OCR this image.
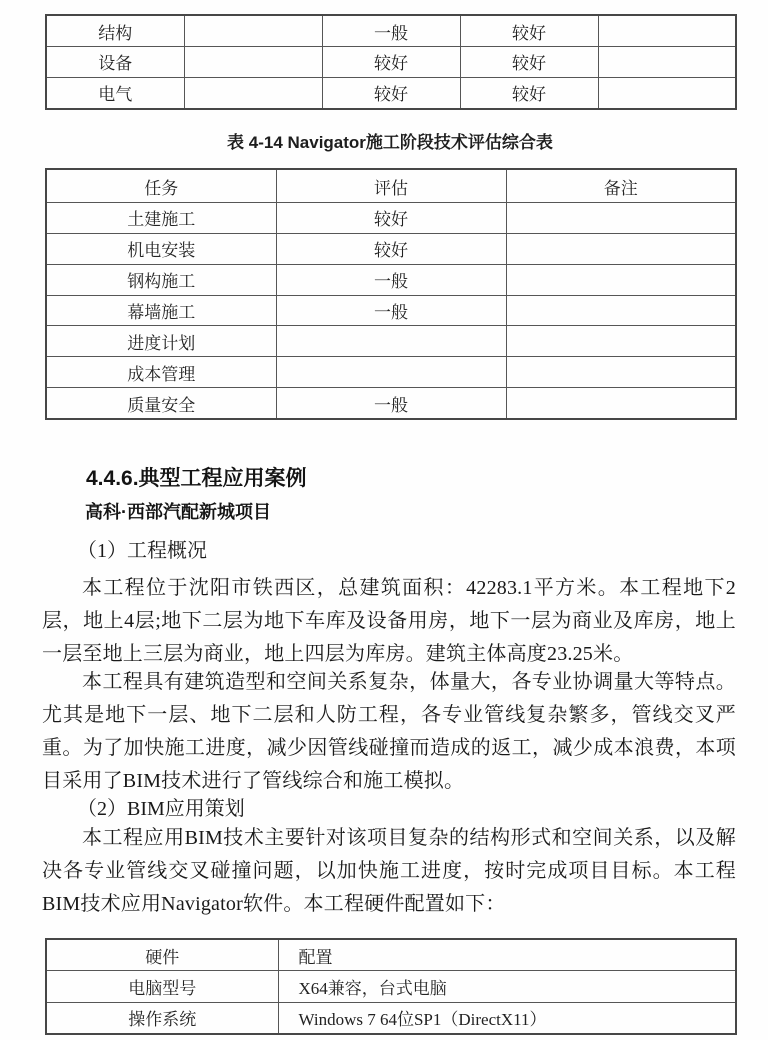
结构		一般	较好	
设备		较好	较好	
电气		较好	较好	
表 4-14 Navigator施工阶段技术评估综合表
任务	评估	备注
土建施工	较好	
机电安装	较好	
钢构施工	一般	
幕墙施工	一般	
进度计划		
成本管理		
质量安全	一般	
4.4.6.典型工程应用案例
高科·西部汽配新城项目
（1）工程概况
本工程位于沈阳市铁西区，总建筑面积：42283.1平方米。本工程地下2层，地上4层;地下二层为地下车库及设备用房，地下一层为商业及库房，地上一层至地上三层为商业，地上四层为库房。建筑主体高度23.25米。
本工程具有建筑造型和空间关系复杂，体量大，各专业协调量大等特点。尤其是地下一层、地下二层和人防工程，各专业管线复杂繁多，管线交叉严重。为了加快施工进度，减少因管线碰撞而造成的返工，减少成本浪费，本项目采用了BIM技术进行了管线综合和施工模拟。
（2）BIM应用策划
本工程应用BIM技术主要针对该项目复杂的结构形式和空间关系，以及解决各专业管线交叉碰撞问题，以加快施工进度，按时完成项目目标。本工程BIM技术应用Navigator软件。本工程硬件配置如下：
硬件	配置
电脑型号	X64兼容，台式电脑
操作系统	Windows 7 64位SP1（DirectX11）
